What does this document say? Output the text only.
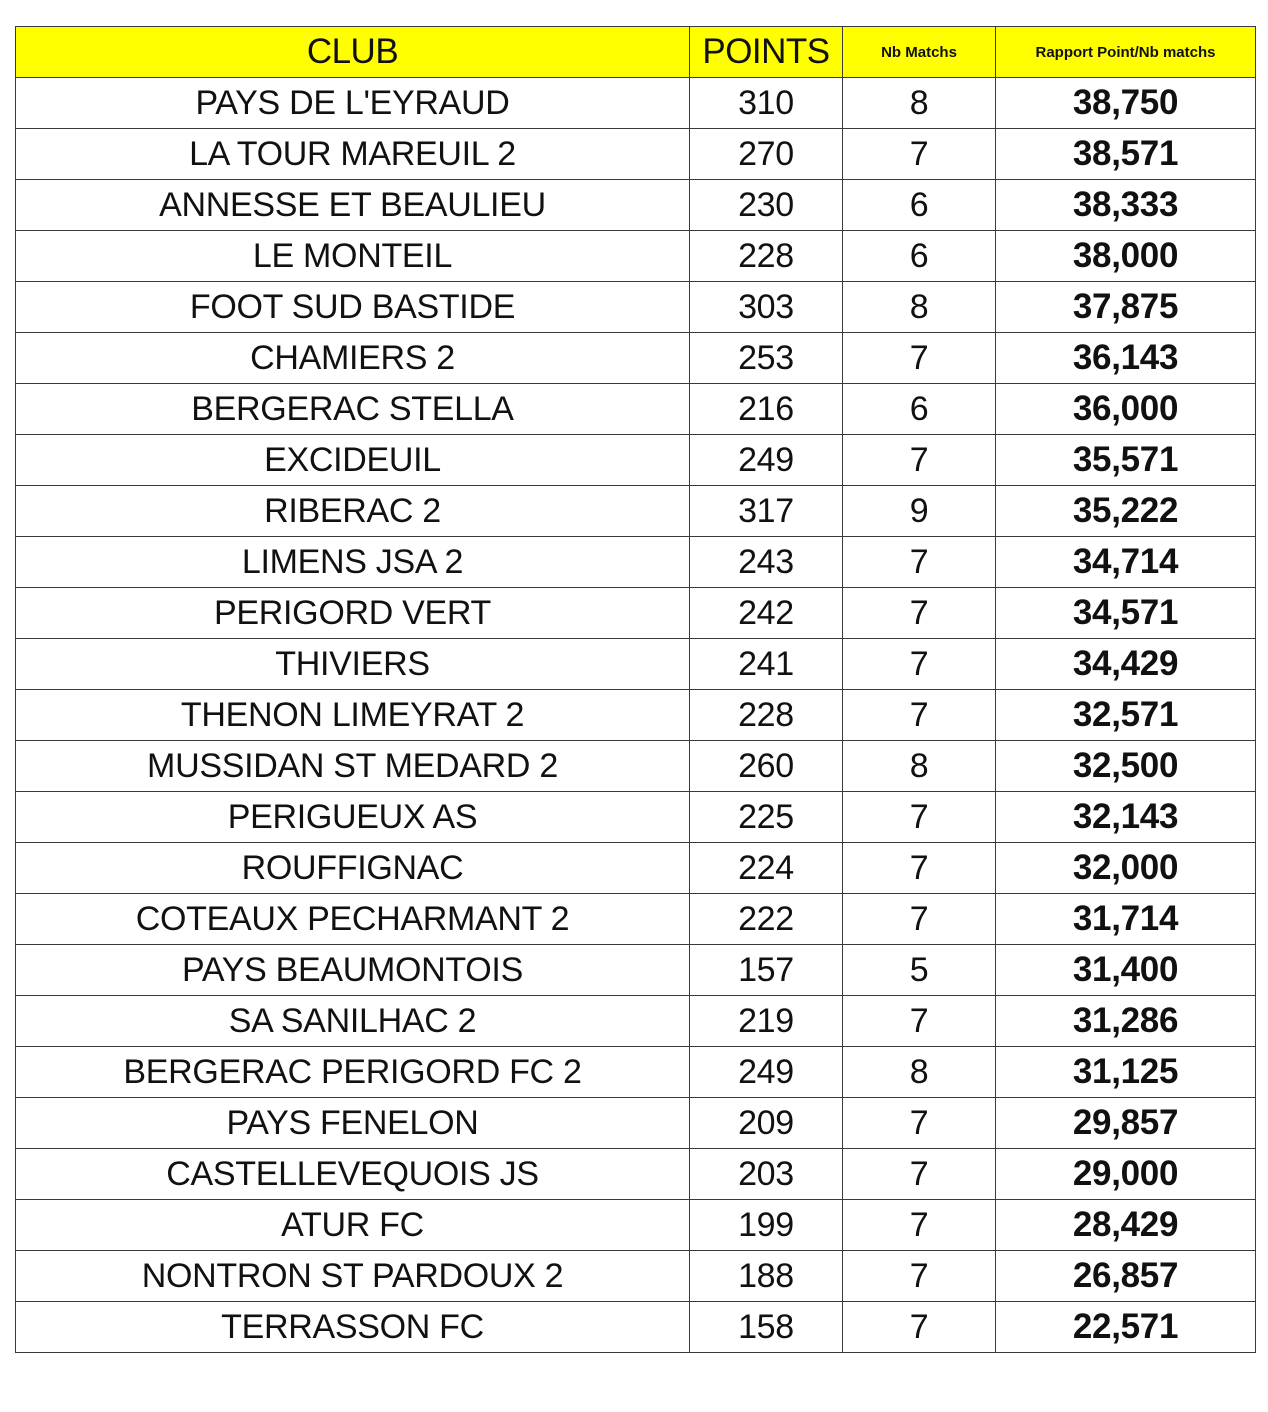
CLUB	POINTS	Nb Matchs	Rapport Point/Nb matchs
PAYS DE L'EYRAUD	310	8	38,750
LA TOUR MAREUIL 2	270	7	38,571
ANNESSE ET BEAULIEU	230	6	38,333
LE MONTEIL	228	6	38,000
FOOT SUD BASTIDE	303	8	37,875
CHAMIERS 2	253	7	36,143
BERGERAC STELLA	216	6	36,000
EXCIDEUIL	249	7	35,571
RIBERAC 2	317	9	35,222
LIMENS JSA 2	243	7	34,714
PERIGORD VERT	242	7	34,571
THIVIERS	241	7	34,429
THENON LIMEYRAT 2	228	7	32,571
MUSSIDAN ST MEDARD 2	260	8	32,500
PERIGUEUX AS	225	7	32,143
ROUFFIGNAC	224	7	32,000
COTEAUX PECHARMANT 2	222	7	31,714
PAYS BEAUMONTOIS	157	5	31,400
SA SANILHAC 2	219	7	31,286
BERGERAC PERIGORD FC 2	249	8	31,125
PAYS FENELON	209	7	29,857
CASTELLEVEQUOIS JS	203	7	29,000
ATUR FC	199	7	28,429
NONTRON ST PARDOUX 2	188	7	26,857
TERRASSON FC	158	7	22,571
